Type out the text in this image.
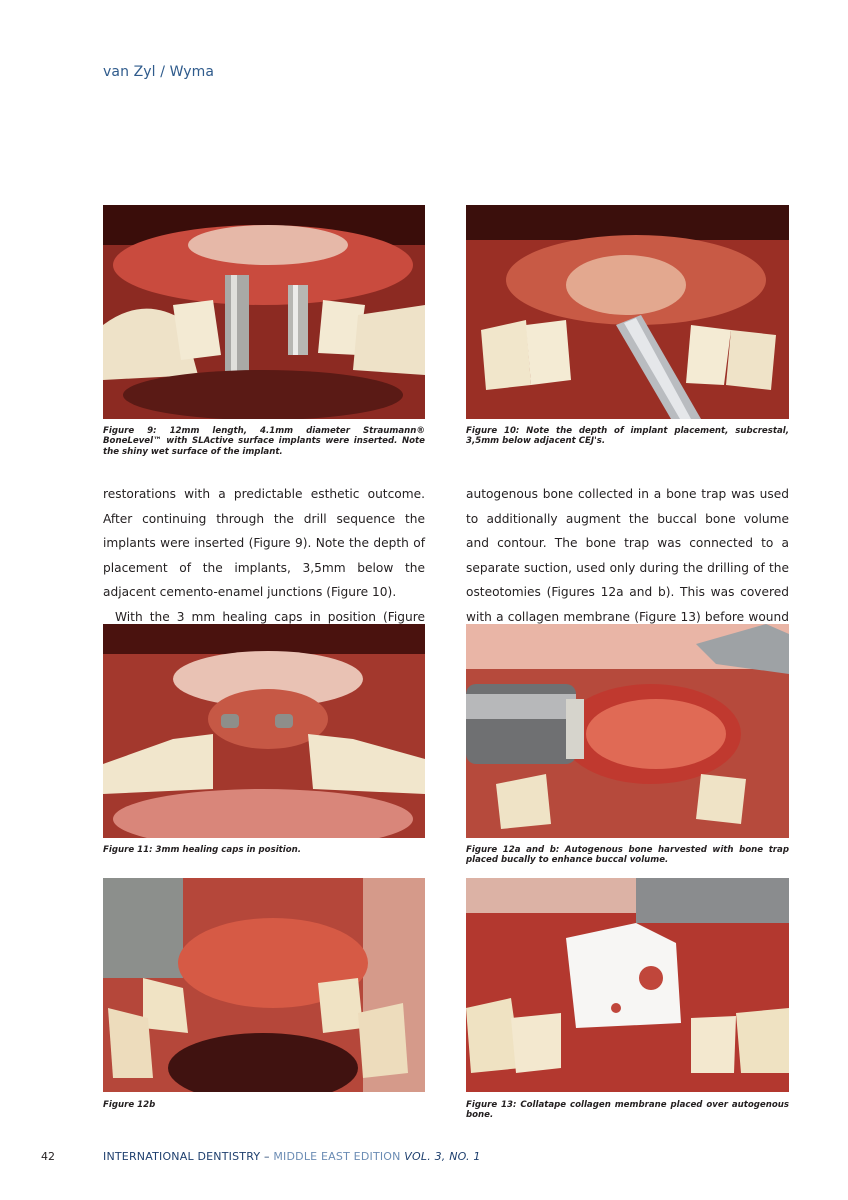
van Zyl / Wyma
Figure 9: 12mm length, 4.1mm diameter Straumann® BoneLevel™ with SLActive surface implants were inserted. Note the shiny wet surface of the implant.
Figure 10: Note the depth of implant placement, subcrestal, 3,5mm below adjacent CEJ's.

restorations with a predictable esthetic outcome. After continuing through the drill sequence the implants were inserted (Figure 9). Note the depth of placement of the implants, 3,5mm below the adjacent cemento-enamel junctions (Figure 10).

With the 3 mm healing caps in position (Figure

autogenous bone collected in a bone trap was used to additionally augment the buccal bone volume and contour. The bone trap was connected to a separate suction, used only during the drilling of the osteotomies (Figures 12a and b). This was covered with a collagen membrane (Figure 13) before wound

Figure 11: 3mm healing caps in position.	Figure 12a and b: Autogenous bone harvested with bone trap placed bucally to enhance buccal volume.
Figure 12b	Figure 13: Collatape collagen membrane placed over autogenous bone.
42	INTERNATIONAL DENTISTRY – MIDDLE EAST EDITION VOL. 3, NO. 1
